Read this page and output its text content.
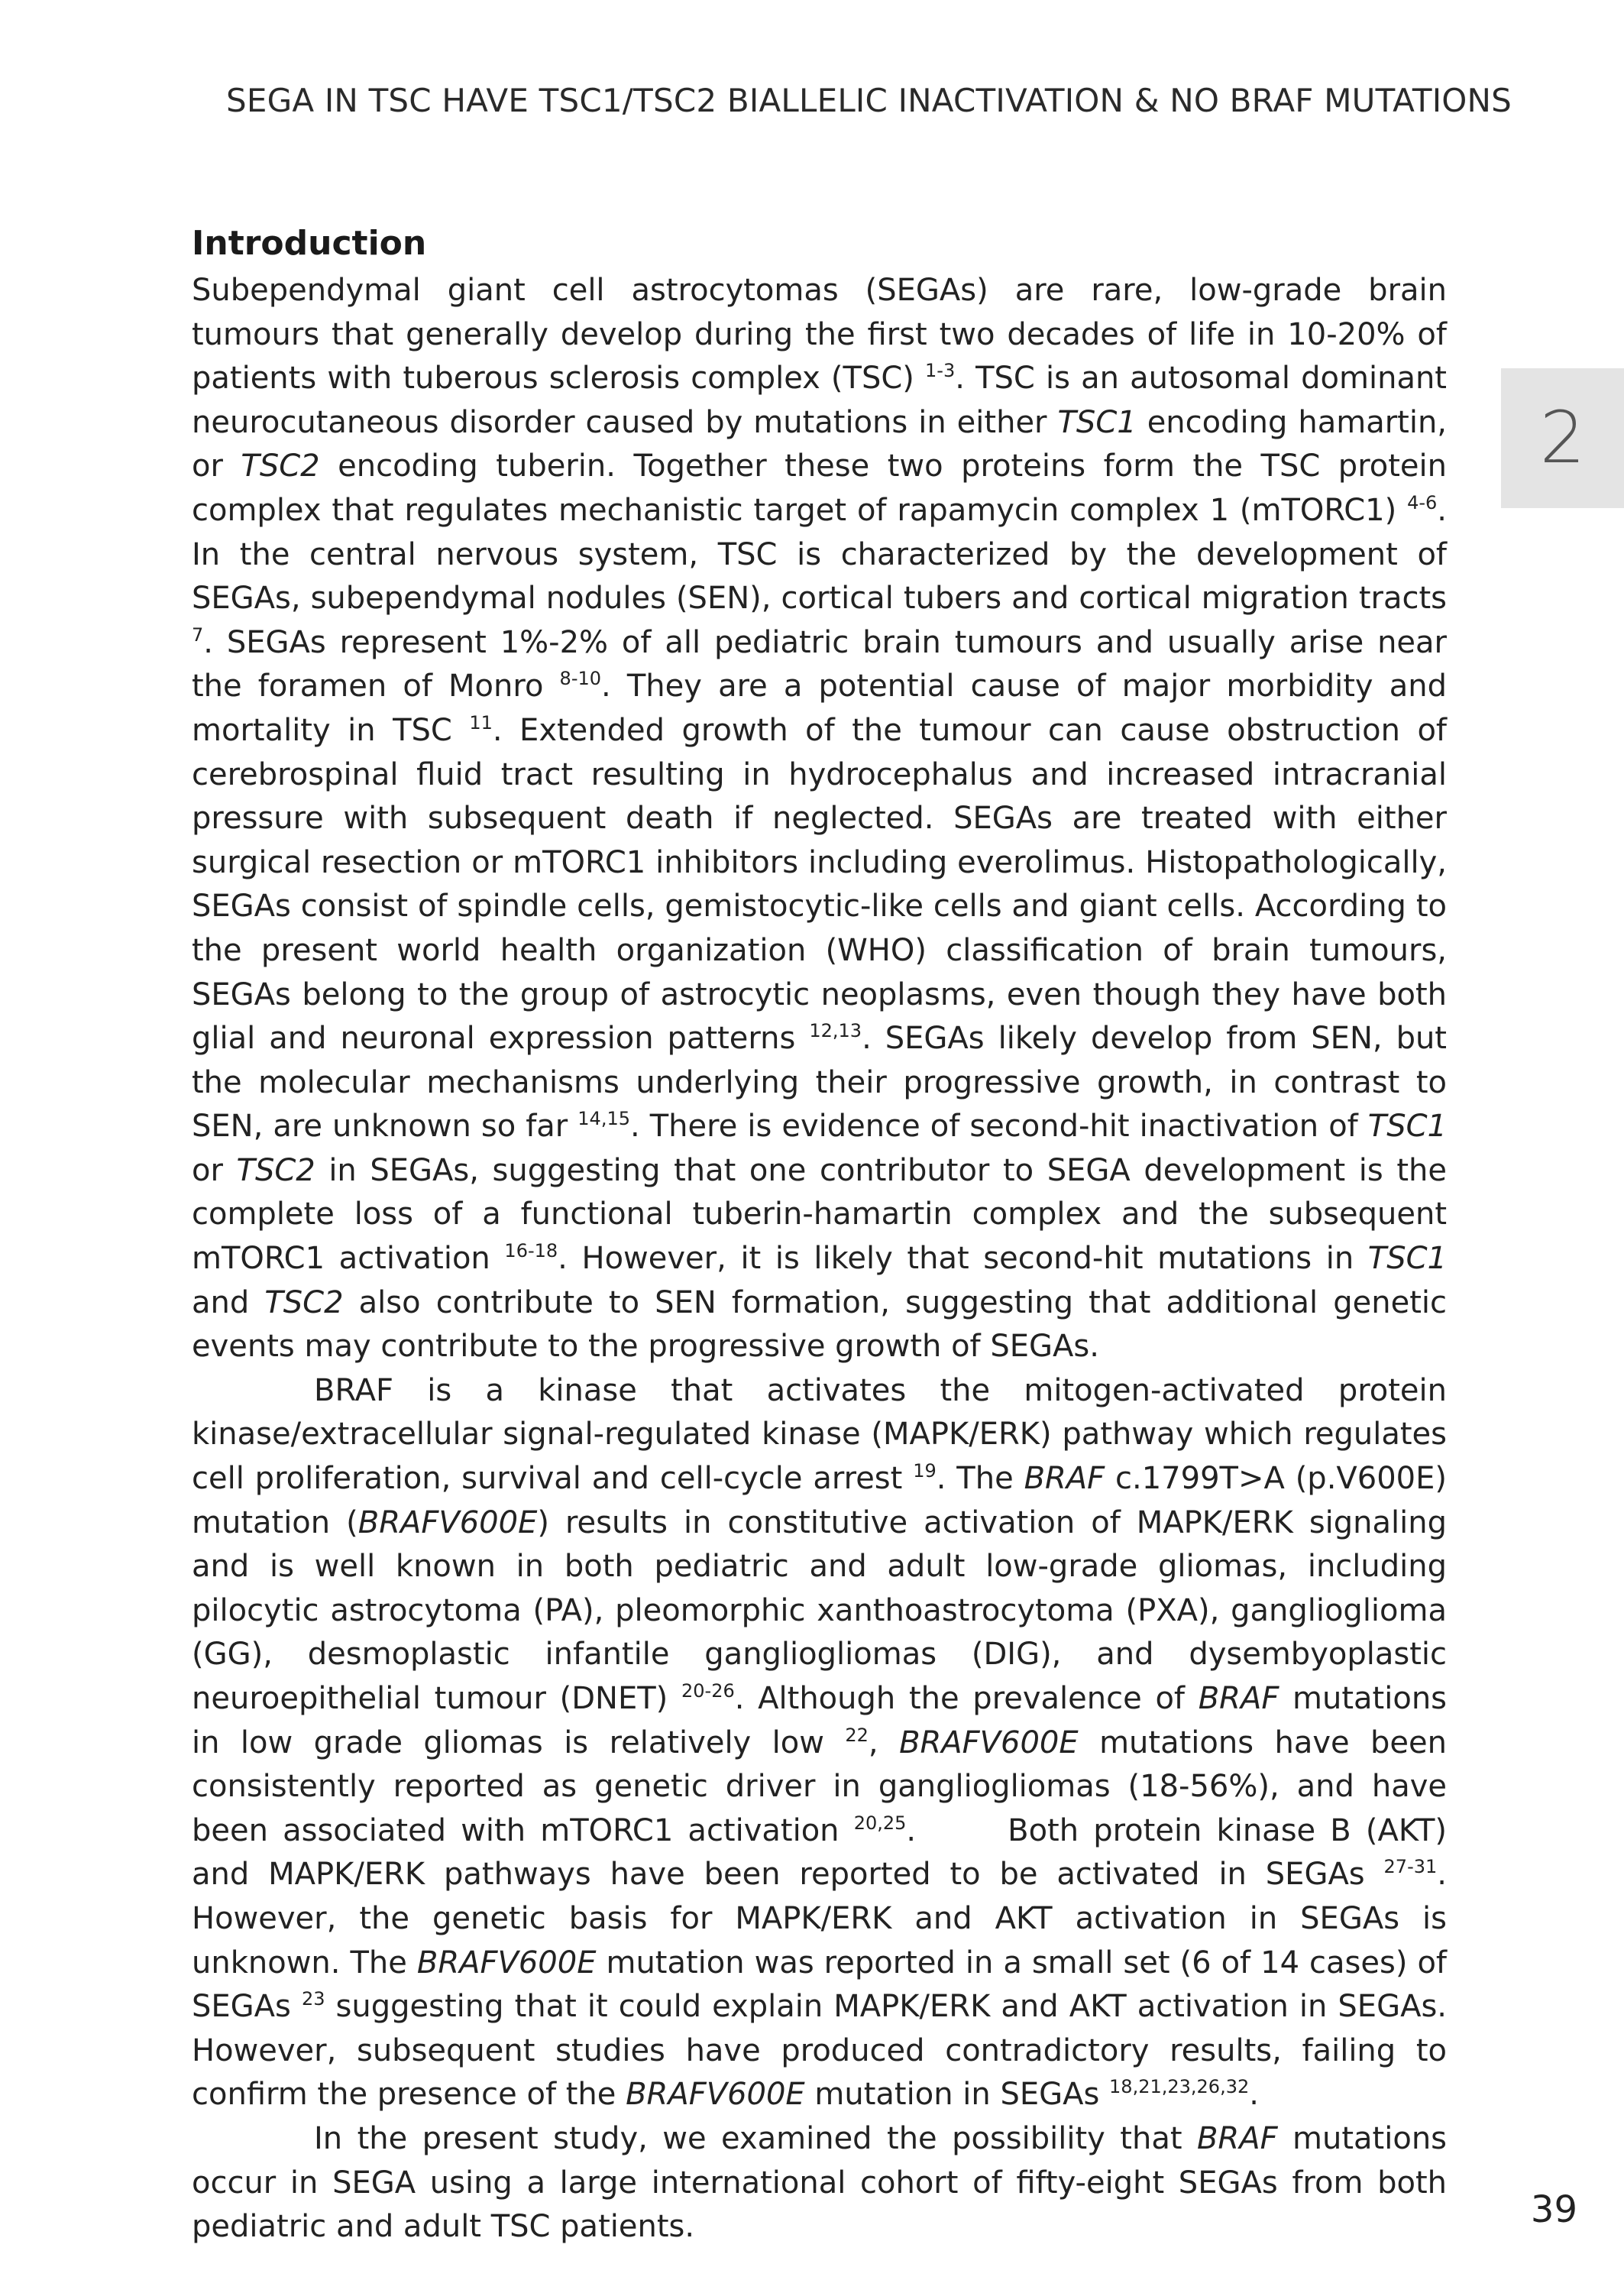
SEGA IN TSC HAVE TSC1/TSC2 BIALLELIC INACTIVATION & NO BRAF MUTATIONS
2
Introduction

Subependymal giant cell astrocytomas (SEGAs) are rare, low-grade brain tumours that generally develop during the first two decades of life in 10-20% of patients with tuberous sclerosis complex (TSC) $^{1-3}$. TSC is an autosomal dominant neurocutaneous disorder caused by mutations in either TSC1 encoding hamartin, or TSC2 encoding tuberin. Together these two proteins form the TSC protein complex that regulates mechanistic target of rapamycin complex 1 (mTORC1) $^{4-6}$. In the central nervous system, TSC is characterized by the development of SEGAs, subependymal nodules (SEN), cortical tubers and cortical migration tracts $^7$. SEGAs represent 1%-2% of all pediatric brain tumours and usually arise near the foramen of Monro $^{8-10}$. They are a potential cause of major morbidity and mortality in TSC $^{11}$. Extended growth of the tumour can cause obstruction of cerebrospinal fluid tract resulting in hydrocephalus and increased intracranial pressure with subsequent death if neglected. SEGAs are treated with either surgical resection or mTORC1 inhibitors including everolimus. Histopathologically, SEGAs consist of spindle cells, gemistocytic-like cells and giant cells. According to the present world health organization (WHO) classification of brain tumours, SEGAs belong to the group of astrocytic neoplasms, even though they have both glial and neuronal expression patterns $^{12,13}$. SEGAs likely develop from SEN, but the molecular mechanisms underlying their progressive growth, in contrast to SEN, are unknown so far $^{14,15}$. There is evidence of second-hit inactivation of TSC1 or TSC2 in SEGAs, suggesting that one contributor to SEGA development is the complete loss of a functional tuberin-hamartin complex and the subsequent mTORC1 activation $^{16-18}$. However, it is likely that second-hit mutations in TSC1 and TSC2 also contribute to SEN formation, suggesting that additional genetic events may contribute to the progressive growth of SEGAs.

BRAF is a kinase that activates the mitogen-activated protein kinase/extracellular signal-regulated kinase (MAPK/ERK) pathway which regulates cell proliferation, survival and cell-cycle arrest $^{19}$. The BRAF c.1799T>A (p.V600E) mutation (BRAFV600E) results in constitutive activation of MAPK/ERK signaling and is well known in both pediatric and adult low-grade gliomas, including pilocytic astrocytoma (PA), pleomorphic xanthoastrocytoma (PXA), ganglioglioma (GG), desmoplastic infantile gangliogliomas (DIG), and dysembyoplastic neuroepithelial tumour (DNET) $^{20-26}$. Although the prevalence of BRAF mutations in low grade gliomas is relatively low $^{22}$, BRAFV600E mutations have been consistently reported as genetic driver in gangliogliomas (18-56%), and have been associated with mTORC1 activation $^{20,25}$.   Both protein kinase B (AKT) and MAPK/ERK pathways have been reported to be activated in SEGAs $^{27-31}$. However, the genetic basis for MAPK/ERK and AKT activation in SEGAs is unknown. The BRAFV600E mutation was reported in a small set (6 of 14 cases) of SEGAs $^{23}$ suggesting that it could explain MAPK/ERK and AKT activation in SEGAs. However, subsequent studies have produced contradictory results, failing to confirm the presence of the BRAFV600E mutation in SEGAs $^{18,21,23,26,32}$.

In the present study, we examined the possibility that BRAF mutations occur in SEGA using a large international cohort of fifty-eight SEGAs from both pediatric and adult TSC patients.	39
